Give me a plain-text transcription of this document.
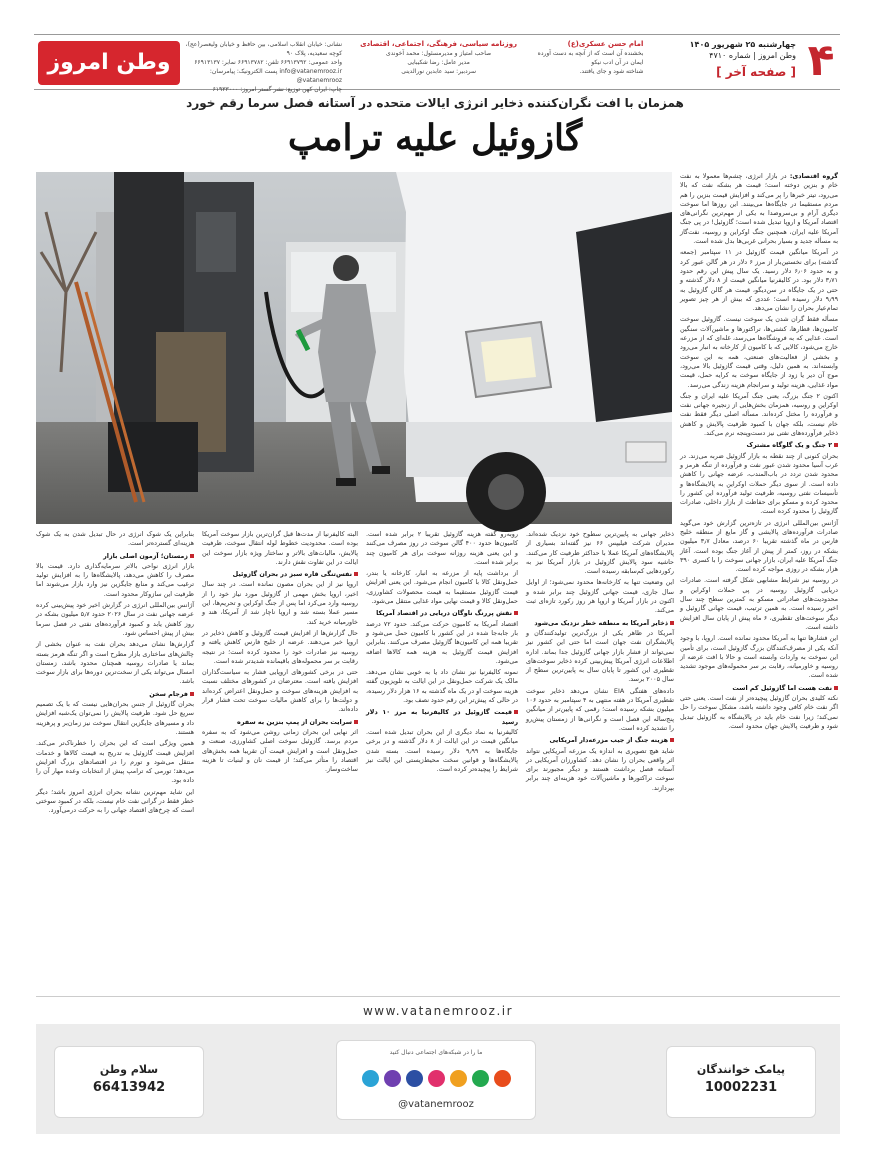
وطن امروز
نشانی: خیابان انقلاب اسلامی، بین حافظ و خیابان ولیعصر(عج)، کوچه سعیدیه، پلاک ۹۰
واحد عمومی: ۶۶۹۱۳۷۹۲ تلفن: ۶۶۹۱۳۷۸۲ نمابر: ۶۶۹۱۳۱۳۷
info@vatanemrooz.ir پست الکترونیک: پیامرسان: vatanemrooz@
چاپ: ایران کهن توزیع: نشر گستر امروز: ۶۱۹۳۳۰۰۰
روزنامه سیاسی، فرهنگی، اجتماعی، اقتصادی
صاحب امتیاز و مدیرمسئول: محمد آخوندی
مدیر عامل: رضا شکیبایی
سردبیر: سید عابدین نورالدینی
امام حسن عسکری(ع)
بخشنده آن است که از آنچه به دست آورده ایمان در آن ادب نیکو
شناخته شود و جای یافتند.
چهارشنبه ۲۵ شهریور ۱۴۰۵
وطن امروز | شماره ۴۷۱۰
[ صفحه آخر ] ۴
همزمان با افت نگران‌کننده ذخایر انرژی ایالات متحده در آستانه فصل سرما رقم خورد
گازوئیل علیه ترامپ

گروه اقتصادی: در بازار انرژی، چشم‌ها معمولا به نفت خام و بنزین دوخته است؛ قیمت هر بشکه نفت که بالا می‌رود، تیتر خبرها را پر می‌کند و افزایش قیمت بنزین را هم مردم مستقیما در جایگاه‌ها می‌بینند. این روزها اما سوخت دیگری آرام و بی‌سروصدا به یکی از مهم‌ترین نگرانی‌های اقتصاد آمریکا و اروپا تبدیل شده است؛ گازوئیل! در پی جنگ آمریکا علیه ایران، همچنین جنگ اوکراین و روسیه، نفت‌گاز به مسأله جدید و بسیار بحرانی غربی‌ها بدل شده است.

در آمریکا میانگین قیمت گازوئیل در ۱۱ سپتامبر (جمعه گذشته) برای نخستین‌بار از مرز ۶ دلار در هر گالن عبور کرد و به حدود ۶٫۰۶ دلار رسید. یک سال پیش این رقم حدود ۳٫۷۱ دلار بود. در کالیفرنیا میانگین قیمت از ۸ دلار گذشته و حتی در یک جایگاه در سن‌دیگو، قیمت هر گالن گازوئیل به ۹٫۹۹ دلار رسیده است؛ عددی که بیش از هر چیز تصویر تمام‌عیار بحران را نشان می‌دهد.

مسأله فقط گران شدن یک سوخت نیست. گازوئیل سوخت کامیون‌ها، قطارها، کشتی‌ها، تراکتورها و ماشین‌آلات سنگین است. غذایی که به فروشگاه‌ها می‌رسد، غله‌ای که از مزرعه خارج می‌شود، کالایی که با کامیون از کارخانه به انبار می‌رود و بخشی از فعالیت‌های صنعتی، همه به این سوخت وابسته‌اند. به همین دلیل، وقتی قیمت گازوئیل بالا می‌رود، موج آن دیر یا زود از جایگاه سوخت به کرایه حمل، قیمت مواد غذایی، هزینه تولید و سرانجام هزینه زندگی می‌رسد.

اکنون ۲ جنگ بزرگ، یعنی جنگ آمریکا علیه ایران و جنگ اوکراین و روسیه، همزمان بخش‌هایی از زنجیره جهانی نفت و فرآورده را مختل کرده‌اند. مسأله اصلی دیگر فقط نفت خام نیست، بلکه جهان با کمبود ظرفیت پالایش و کاهش ذخایر فرآورده‌های نفتی نیز دست‌وپنجه نرم می‌کند.

۲ جنگ و یک گلوگاه مشترک

بحران کنونی از چند نقطه به بازار گازوئیل ضربه می‌زند. در غرب آسیا محدود شدن عبور نفت و فرآورده از تنگه هرمز و محدود شدن تردد در باب‌المندب، عرضه جهانی را کاهش داده است. از سوی دیگر حملات اوکراین به پالایشگاه‌ها و تأسیسات نفتی روسیه، ظرفیت تولید فرآورده این کشور را محدود کرده و مسکو برای حفاظت از بازار داخلی، صادرات گازوئیل را محدود کرده است.

آژانس بین‌المللی انرژی در تازه‌ترین گزارش خود می‌گوید صادرات فرآورده‌های پالایشی و گاز مایع از منطقه خلیج فارس در ماه گذشته تقریبا ۶۰ درصد، معادل ۳٫۷ میلیون بشکه در روز، کمتر از پیش از آغاز جنگ بوده است. آغاز جنگ آمریکا علیه ایران، بازار جهانی سوخت را با کسری ۳۹۰ هزار بشکه در روزی مواجه کرده است.

در روسیه نیز شرایط مشابهی شکل گرفته است. صادرات دریایی گازوئیل روسیه در پی حملات اوکراین و محدودیت‌های صادراتی مسکو به کمترین سطح چند سال اخیر رسیده است. به همین ترتیب، قیمت جهانی گازوئیل و دیگر سوخت‌های تقطیری، ۶ ماه پیش از پایان سال افزایش داشته است.

این فشارها تنها به آمریکا محدود نمانده است. اروپا، با وجود آنکه یکی از مصرف‌کنندگان بزرگ گازوئیل است، برای تأمین این سوخت به واردات وابسته است و حالا با افت عرضه از روسیه و خاورمیانه، رقابت بر سر محموله‌های موجود تشدید شده است.

نفت هست اما گازوئیل کم است

نکته کلیدی بحران گازوئیل پیچیده‌تر از نفت است. یعنی حتی اگر نفت خام کافی وجود داشته باشد، مشکل سوخت را حل نمی‌کند؛ زیرا نفت خام باید در پالایشگاه به گازوئیل تبدیل شود و ظرفیت پالایش جهان محدود است.

ذخایر جهانی به پایین‌ترین سطوح خود نزدیک شده‌اند. مدیران شرکت فیلیپس ۶۶ نیز گفته‌اند بسیاری از پالایشگاه‌های آمریکا عملا با حداکثر ظرفیت کار می‌کنند. حاشیه سود پالایش گازوئیل در بازار آمریکا نیز به رکوردهایی کم‌سابقه رسیده است.

این وضعیت تنها به کارخانه‌ها محدود نمی‌شود؛ از اوایل سال جاری، قیمت جهانی گازوئیل چند برابر شده و اکنون در بازار آمریکا و اروپا هر روز رکورد تازه‌ای ثبت می‌کند.

ذخایر آمریکا به منطقه خطر نزدیک می‌شود

آمریکا در ظاهر یکی از بزرگ‌ترین تولیدکنندگان و پالایشگران نفت جهان است اما حتی این کشور نیز نمی‌تواند از فشار بازار جهانی گازوئیل جدا بماند. اداره اطلاعات انرژی آمریکا پیش‌بینی کرده ذخایر سوخت‌های تقطیری این کشور تا پایان سال به پایین‌ترین سطح از سال ۲۰۰۵ برسد.

داده‌های هفتگی EIA نشان می‌دهد ذخایر سوخت تقطیری آمریکا در هفته منتهی به ۴ سپتامبر به حدود ۱۰۶ میلیون بشکه رسیده است؛ رقمی که پایین‌تر از میانگین پنج‌ساله این فصل است و نگرانی‌ها از زمستان پیش‌رو را تشدید کرده است.

هزینه جنگ از جیب مزرعه‌دار آمریکایی

شاید هیچ تصویری به اندازه یک مزرعه آمریکایی نتواند اثر واقعی بحران را نشان دهد. کشاورزان آمریکایی در آستانه فصل برداشت هستند و دیگر مجبورند برای سوخت تراکتورها و ماشین‌آلات خود هزینه‌ای چند برابر بپردازند.

روبه‌رو گفته هزینه گازوئیل تقریبا ۲ برابر شده است. کامیون‌ها حدود ۴۰۰ گالن سوخت در روز مصرف می‌کنند و این یعنی هزینه روزانه سوخت برای هر کامیون چند برابر شده است.

از برداشت پایه از مزرعه به انبار، کارخانه یا بندر، حمل‌ونقل کالا با کامیون انجام می‌شود. این یعنی افزایش قیمت گازوئیل مستقیما به قیمت محصولات کشاورزی، حمل‌ونقل کالا و قیمت نهایی مواد غذایی منتقل می‌شود.

نقش پررنگ ناوگان دریایی در اقتصاد آمریکا

اقتصاد آمریکا به کامیون حرکت می‌کند. حدود ۷۲ درصد بار جابه‌جا شده در این کشور با کامیون حمل می‌شود و تقریبا همه این کامیون‌ها گازوئیل مصرف می‌کنند. بنابراین افزایش قیمت گازوئیل به هزینه همه کالاها اضافه می‌شود.

نمونه کالیفرنیا نیز نشان داد یا به خوبی نشان می‌دهد. مالک یک شرکت حمل‌ونقل در این ایالت به تلویزیون گفته هزینه سوخت او در یک ماه گذشته به ۱۶ هزار دلار رسیده، در حالی که پیش‌تر این رقم حدود نصف بود.

قیمت گازوئیل در کالیفرنیا به مرز ۱۰ دلار رسید

کالیفرنیا به نماد دیگری از این بحران تبدیل شده است. میانگین قیمت در این ایالت از ۸ دلار گذشته و در برخی جایگاه‌ها به ۹٫۹۹ دلار رسیده است. بسته شدن پالایشگاه‌ها و قوانین سخت محیط‌زیستی این ایالت نیز شرایط را پیچیده‌تر کرده است.

البته کالیفرنیا از مدت‌ها قبل گران‌ترین بازار سوخت آمریکا بوده است. محدودیت خطوط لوله انتقال سوخت، ظرفیت پالایش، مالیات‌های بالاتر و ساختار ویژه بازار سوخت این ایالت در این تفاوت نقش دارند.

نفس‌تنگی قاره سبز در بحران گازوئیل

اروپا نیز از این بحران مصون نمانده است. در چند سال اخیر، اروپا بخش مهمی از گازوئیل مورد نیاز خود را از روسیه وارد می‌کرد اما پس از جنگ اوکراین و تحریم‌ها، این مسیر عملا بسته شد و اروپا ناچار شد از آمریکا، هند و خاورمیانه خرید کند.

حال گزارش‌ها از افزایش قیمت گازوئیل و کاهش ذخایر در اروپا خبر می‌دهند. عرضه از خلیج فارس کاهش یافته و روسیه نیز صادرات خود را محدود کرده است؛ در نتیجه رقابت بر سر محموله‌های باقیمانده شدیدتر شده است.

حتی در برخی کشورهای اروپایی فشار به سیاست‌گذاران افزایش یافته است. معترضان در کشورهای مختلف نسبت به افزایش هزینه‌های سوخت و حمل‌ونقل اعتراض کرده‌اند و دولت‌ها را برای کاهش مالیات سوخت تحت فشار قرار داده‌اند.

سرایت بحران از پمپ بنزین به سفره

اثر نهایی این بحران زمانی روشن می‌شود که به سفره مردم برسد. گازوئیل سوخت اصلی کشاورزی، صنعت و حمل‌ونقل است و افزایش قیمت آن تقریبا همه بخش‌های اقتصاد را متأثر می‌کند؛ از قیمت نان و لبنیات تا هزینه ساخت‌وساز.

بنابراین یک شوک انرژی در حال تبدیل شدن به یک شوک هزینه‌ای گسترده‌تر است.

زمستان؛ آزمون اصلی بازار

بازار انرژی نواحی بالاتر سرمایه‌گذاری دارد. قیمت بالا مصرف را کاهش می‌دهد، پالایشگاه‌ها را به افزایش تولید ترغیب می‌کند و منابع جایگزین نیز وارد بازار می‌شوند اما ظرفیت این سازوکار محدود است.

آژانس بین‌المللی انرژی در گزارش اخیر خود پیش‌بینی کرده عرضه جهانی نفت در سال ۲۰۲۶ حدود ۵٫۷ میلیون بشکه در روز کاهش یابد و کمبود فرآورده‌های نفتی در فصل سرما بیش از پیش احساس شود.

گزارش‌ها نشان می‌دهد بحران نفت به عنوان بخشی از چالش‌های ساختاری بازار مطرح است و اگر تنگه هرمز بسته بماند یا صادرات روسیه همچنان محدود باشد، زمستان امسال می‌تواند یکی از سخت‌ترین دوره‌ها برای بازار سوخت باشد.

فرجام سخن

بحران گازوئیل از جنس بحران‌هایی نیست که با یک تصمیم سریع حل شود. ظرفیت پالایش را نمی‌توان یک‌شبه افزایش داد و مسیرهای جایگزین انتقال سوخت نیز زمان‌بر و پرهزینه هستند.

همین ویژگی است که این بحران را خطرناک‌تر می‌کند. افزایش قیمت گازوئیل به تدریج به قیمت کالاها و خدمات منتقل می‌شود و تورم را در اقتصادهای بزرگ افزایش می‌دهد؛ تورمی که ترامپ پیش از انتخابات وعده مهار آن را داده بود.

این شاید مهم‌ترین نشانه بحران انرژی امروز باشد؛ دیگر خطر فقط در گرانی نفت خام نیست، بلکه در کمبود سوختی است که چرخ‌های اقتصاد جهانی را به حرکت درمی‌آورد.

www.vatanemrooz.ir
پیامک خوانندگان
10002231
ما را در شبکه‌های اجتماعی دنبال کنید
@vatanemrooz
سلام وطن
66413942
